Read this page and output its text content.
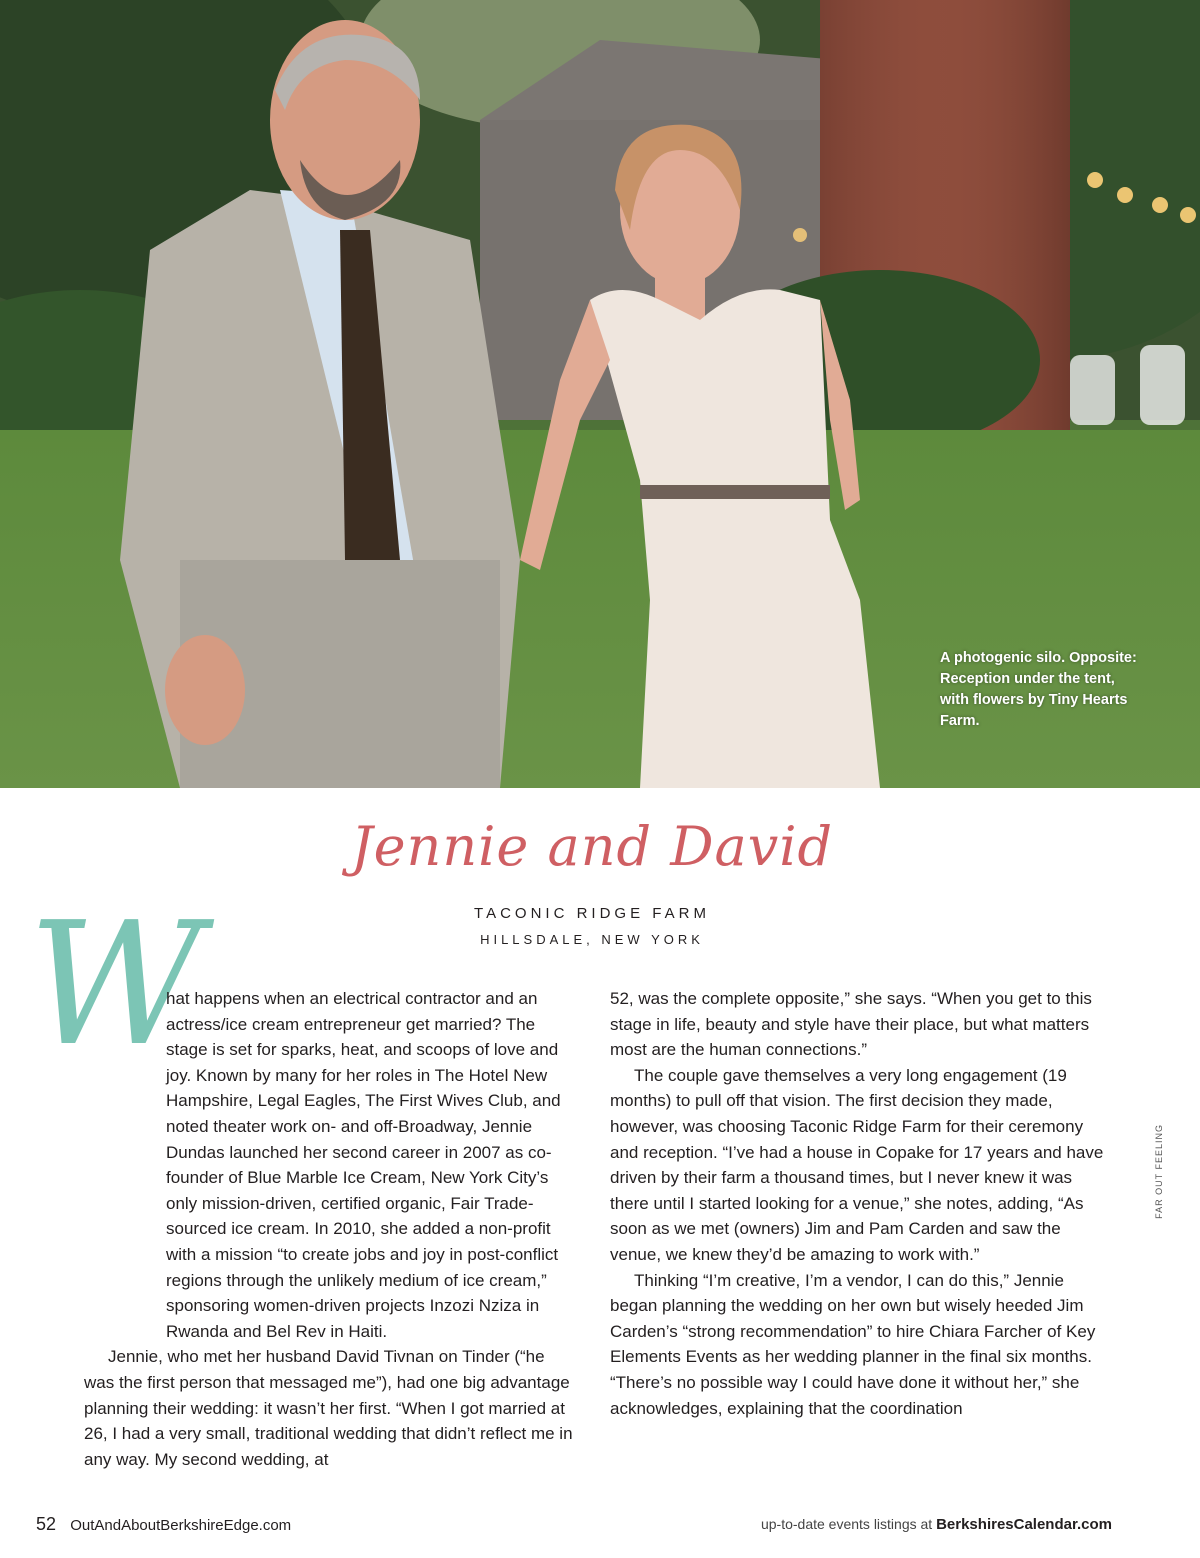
A photogenic silo. Opposite: Reception under the tent, with flowers by Tiny Hearts Farm.
Jennie and David
TACONIC RIDGE FARM
HILLSDALE, NEW YORK
W

hat happens when an electrical contractor and an actress/ice cream entrepreneur get married? The stage is set for sparks, heat, and scoops of love and joy. Known by many for her roles in The Hotel New Hampshire, Legal Eagles, The First Wives Club, and noted theater work on- and off-Broadway, Jennie Dundas launched her second career in 2007 as co-founder of Blue Marble Ice Cream, New York City’s only mission-driven, certified organic, Fair Trade-sourced ice cream. In 2010, she added a non-profit with a mission “to create jobs and joy in post-conflict regions through the unlikely medium of ice cream,” sponsoring women-driven projects Inzozi Nziza in Rwanda and Bel Rev in Haiti.

Jennie, who met her husband David Tivnan on Tinder (“he was the first person that messaged me”), had one big advantage planning their wedding: it wasn’t her first. “When I got married at 26, I had a very small, traditional wedding that didn’t reflect me in any way. My second wedding, at

52, was the complete opposite,” she says. “When you get to this stage in life, beauty and style have their place, but what matters most are the human connections.”

The couple gave themselves a very long engagement (19 months) to pull off that vision. The first decision they made, however, was choosing Taconic Ridge Farm for their ceremony and reception. “I’ve had a house in Copake for 17 years and have driven by their farm a thousand times, but I never knew it was there until I started looking for a venue,” she notes, adding, “As soon as we met (owners) Jim and Pam Carden and saw the venue, we knew they’d be amazing to work with.”

Thinking “I’m creative, I’m a vendor, I can do this,” Jennie began planning the wedding on her own but wisely heeded Jim Carden’s “strong recommendation” to hire Chiara Farcher of Key Elements Events as her wedding planner in the final six months. “There’s no possible way I could have done it without her,” she acknowledges, explaining that the coordination

FAR OUT FEELING
52 OutAndAboutBerkshireEdge.com	up-to-date events listings at BerkshiresCalendar.com
